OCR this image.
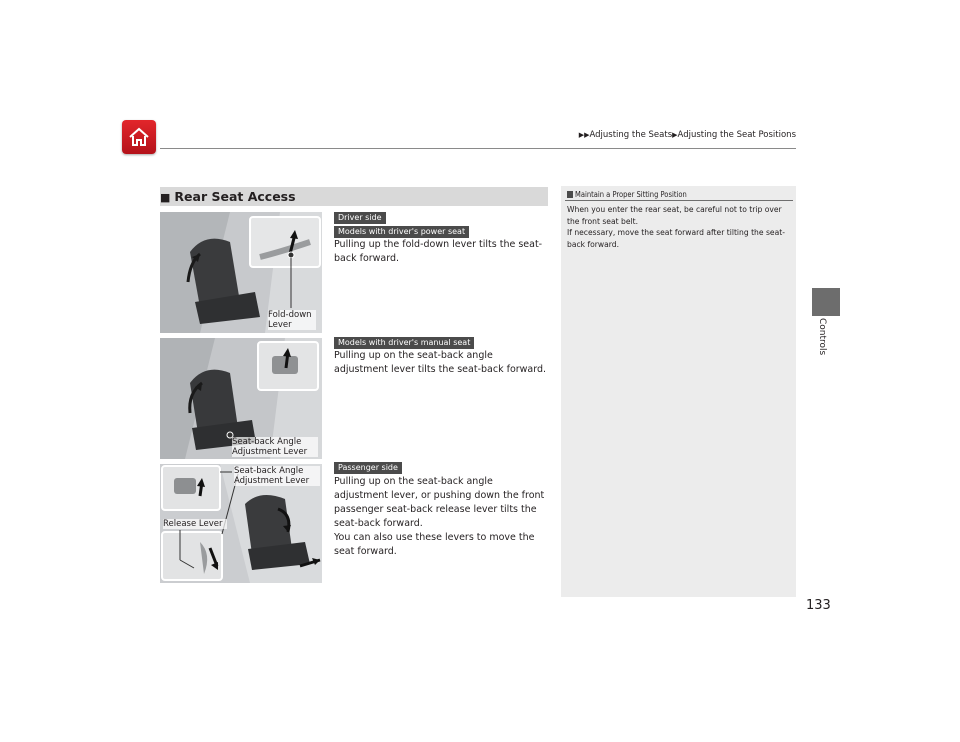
▶▶Adjusting the Seats▶Adjusting the Seat Positions
Controls
133
■ Rear Seat Access
Fold-down
Lever
Driver side
Models with driver's power seat
Pulling up the fold-down lever tilts the seat-back forward.
Seat-back Angle
Adjustment Lever
Models with driver's manual seat
Pulling up on the seat-back angle adjustment lever tilts the seat-back forward.
Seat-back Angle
Adjustment Lever
Release Lever
Passenger side
Pulling up on the seat-back angle adjustment lever, or pushing down the front passenger seat-back release lever tilts the seat-back forward.
You can also use these levers to move the seat forward.
Maintain a Proper Sitting Position
When you enter the rear seat, be careful not to trip over the front seat belt.
If necessary, move the seat forward after tilting the seat-back forward.
